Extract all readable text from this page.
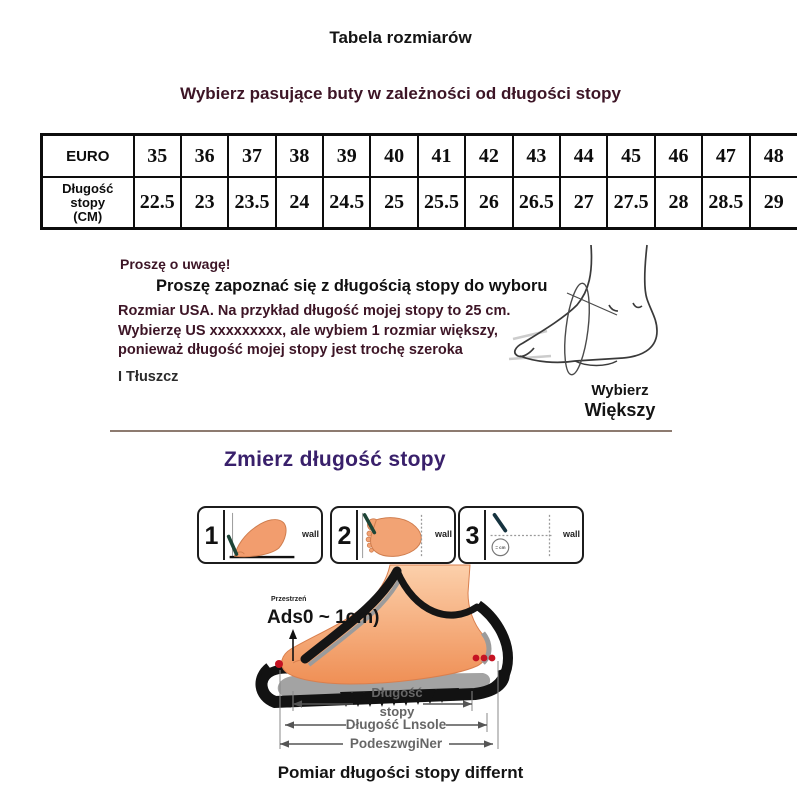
Tabela rozmiarów
Wybierz pasujące buty w zależności od długości stopy
EURO	35	36	37	38	39	40	41	42	43	44	45	46	47	48
Długość
stopy
(CM)	22.5	23	23.5	24	24.5	25	25.5	26	26.5	27	27.5	28	28.5	29
Proszę o uwagę!
Proszę zapoznać się z długością stopy do wyboru
Rozmiar USA. Na przykład długość mojej stopy to 25 cm.
Wybierzę US xxxxxxxxx, ale wybiem 1 rozmiar większy,
ponieważ długość mojej stopy jest trochę szeroka
I Tłuszcz
Wybierz
Większy
Zmierz długość stopy
1	wall 2	wall 3	= cm
wall
Przestrzeń
Ads0 ~ 1cm)
Długość
stopy
Długość Lnsole
PodeszwgiNer
Pomiar długości stopy differnt
